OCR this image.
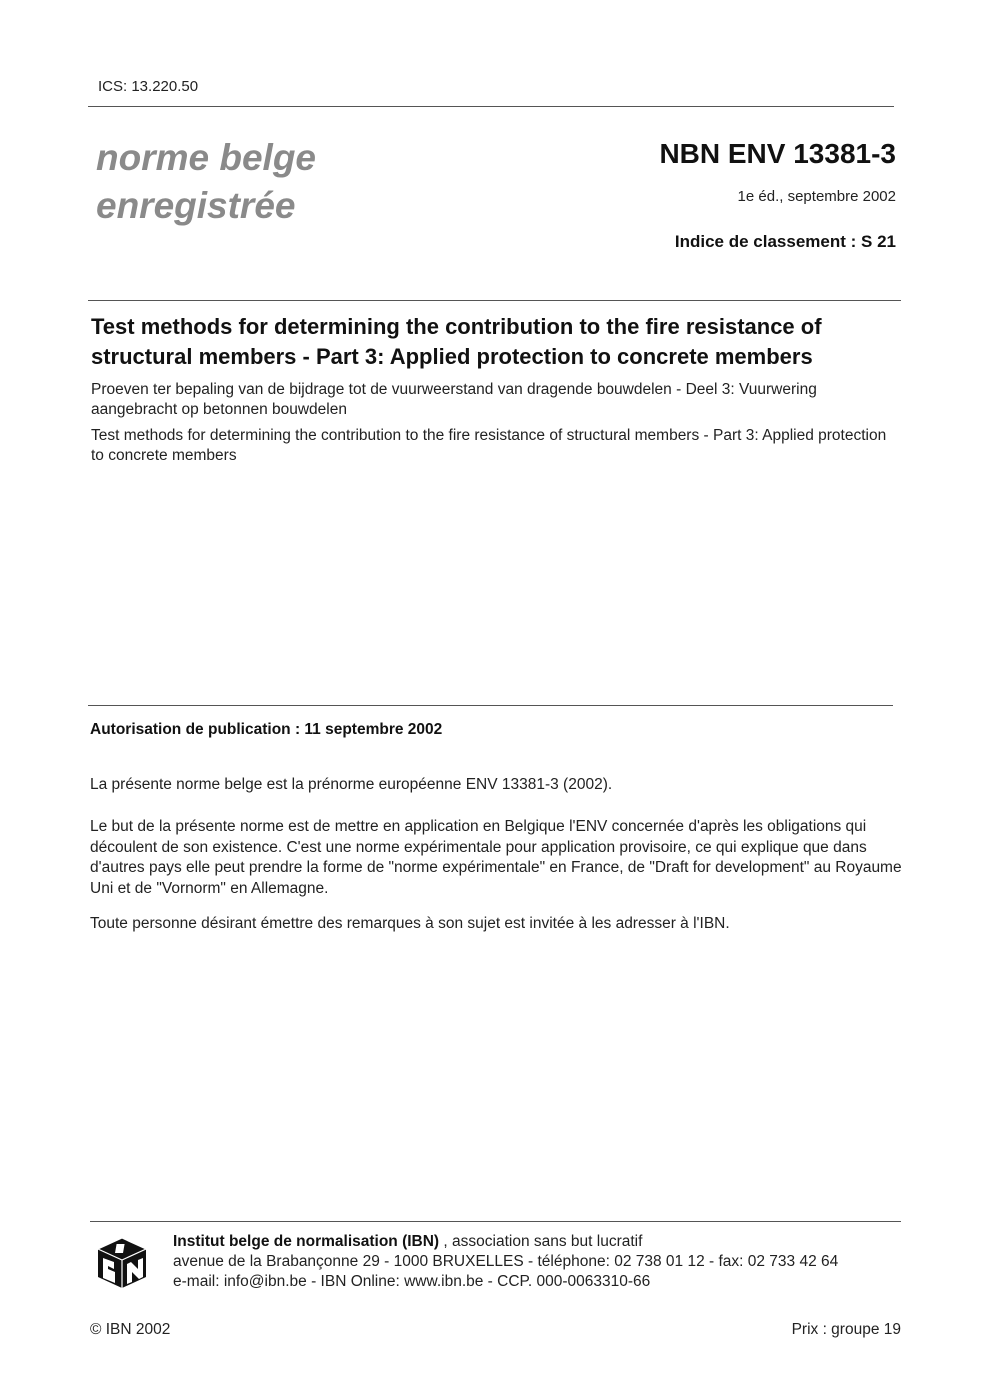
ICS: 13.220.50
norme belge
enregistrée
NBN ENV 13381-3
1e éd., septembre 2002
Indice de classement : S 21
Test methods for determining the contribution to the fire resistance of structural members - Part 3: Applied protection to concrete members
Proeven ter bepaling van de bijdrage tot de vuurweerstand van dragende bouwdelen - Deel 3: Vuurwering aangebracht op betonnen bouwdelen
Test methods for determining the contribution to the fire resistance of structural members - Part 3: Applied protection to concrete members
Autorisation de publication : 11 septembre 2002
La présente norme belge est la prénorme européenne ENV 13381-3 (2002).
Le but de la présente norme est de mettre en application en Belgique l'ENV concernée d'après les obligations qui découlent de son existence. C'est une norme expérimentale pour application provisoire, ce qui explique que dans d'autres pays elle peut prendre la forme de "norme expérimentale" en France, de "Draft for development" au Royaume Uni et de "Vornorm" en Allemagne.
Toute personne désirant émettre des remarques à son sujet est invitée à les adresser à l'IBN.
Institut belge de normalisation (IBN) , association sans but lucratif
avenue de la Brabançonne 29 - 1000 BRUXELLES - téléphone: 02 738 01 12 - fax: 02 733 42 64
e-mail: info@ibn.be - IBN Online: www.ibn.be - CCP. 000-0063310-66
© IBN 2002	Prix : groupe 19
